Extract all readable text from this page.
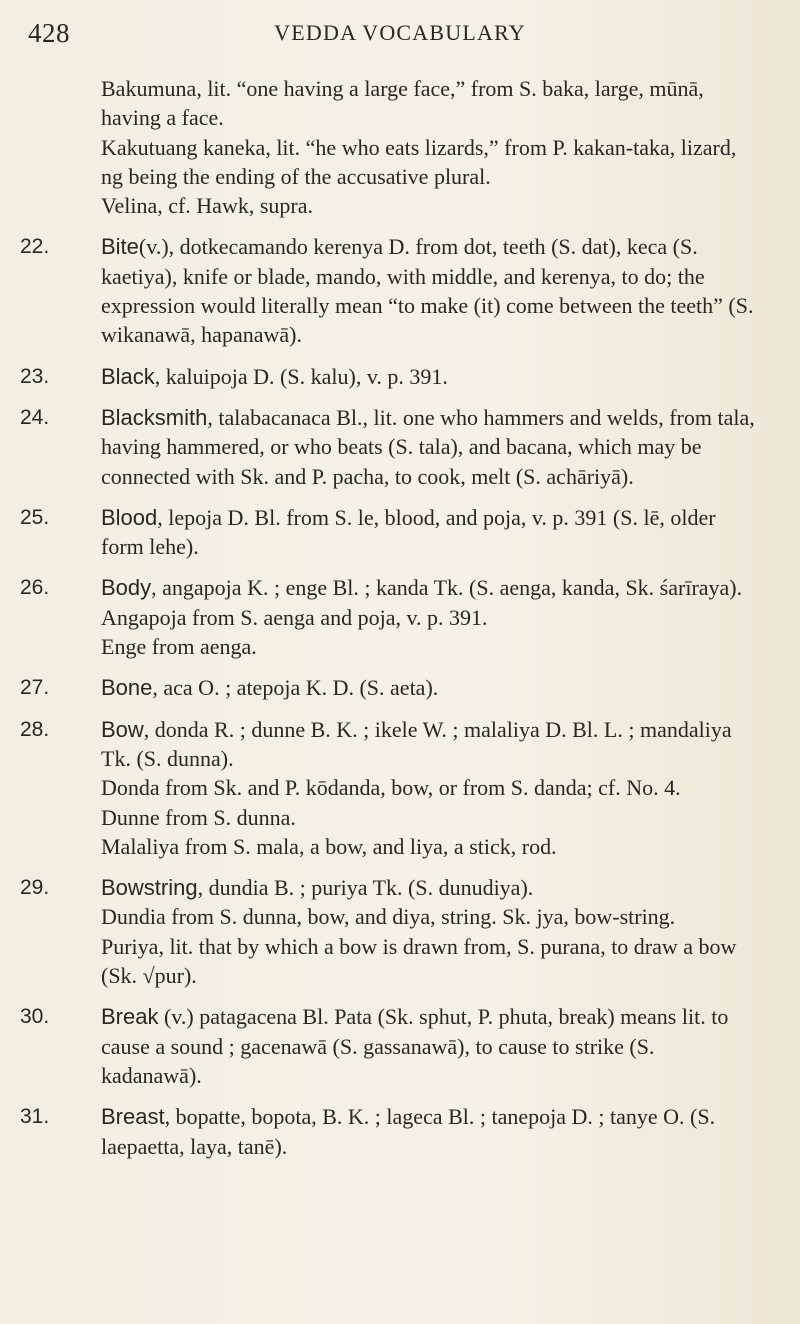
428	VEDDA VOCABULARY

Bakumuna, lit. “one having a large face,” from S. baka, large, mūnā, having a face.

Kakutuang kaneka, lit. “he who eats lizards,” from P. kakan-taka, lizard, ng being the ending of the accusative plural.

Velina, cf. Hawk, supra.

22. Bite(v.), dotkecamando kerenya D. from dot, teeth (S. dat), keca (S. kaetiya), knife or blade, mando, with middle, and kerenya, to do; the expression would literally mean “to make (it) come between the teeth” (S. wikanawā, hapanawā).

23. Black, kaluipoja D. (S. kalu), v. p. 391.

24. Blacksmith, talabacanaca Bl., lit. one who hammers and welds, from tala, having hammered, or who beats (S. tala), and bacana, which may be connected with Sk. and P. pacha, to cook, melt (S. achāriyā).

25. Blood, lepoja D. Bl. from S. le, blood, and poja, v. p. 391 (S. lē, older form lehe).

26. Body, angapoja K. ; enge Bl. ; kanda Tk. (S. aenga, kanda, Sk. śarīraya).

Angapoja from S. aenga and poja, v. p. 391.

Enge from aenga.

27. Bone, aca O. ; atepoja K. D. (S. aeta).

28. Bow, donda R. ; dunne B. K. ; ikele W. ; malaliya D. Bl. L. ; mandaliya Tk. (S. dunna).

Donda from Sk. and P. kōdanda, bow, or from S. danda; cf. No. 4.

Dunne from S. dunna.

Malaliya from S. mala, a bow, and liya, a stick, rod.

29. Bowstring, dundia B. ; puriya Tk. (S. dunudiya).

Dundia from S. dunna, bow, and diya, string. Sk. jya, bow-string.

Puriya, lit. that by which a bow is drawn from, S. purana, to draw a bow (Sk. √pur).

30. Break (v.) patagacena Bl. Pata (Sk. sphut, P. phuta, break) means lit. to cause a sound ; gacenawā (S. gassanawā), to cause to strike (S. kadanawā).

31. Breast, bopatte, bopota, B. K. ; lageca Bl. ; tanepoja D. ; tanye O. (S. laepaetta, laya, tanē).
